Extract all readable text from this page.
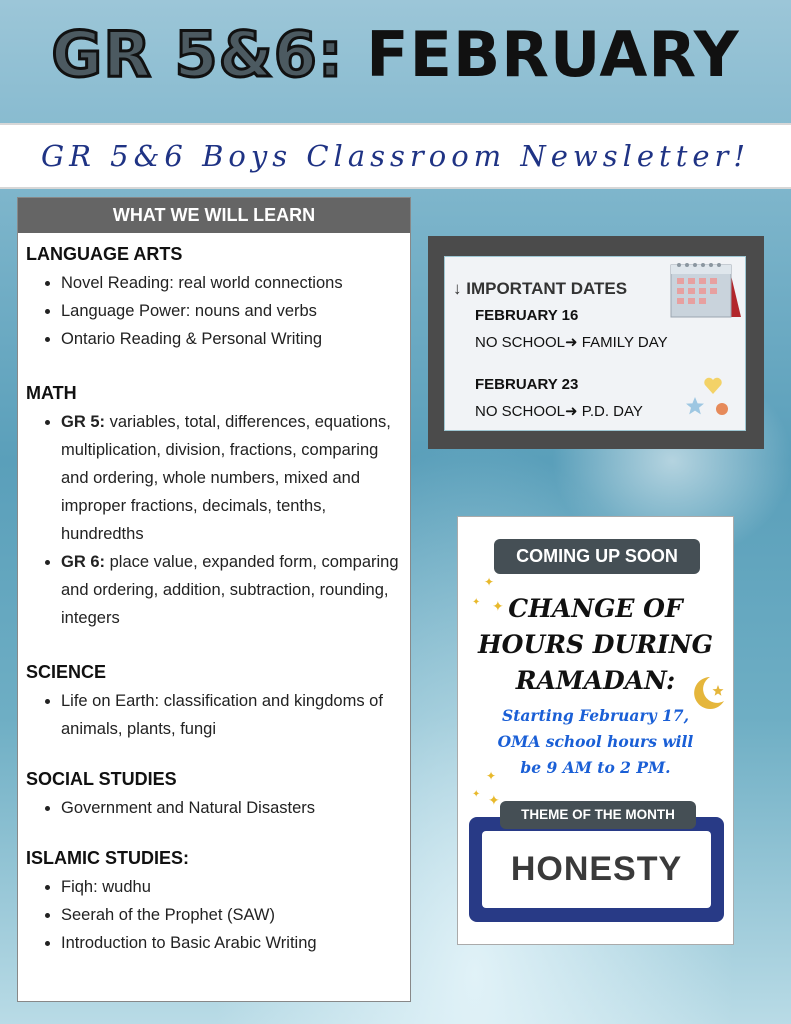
GR 5&6: FEBRUARY
GR 5&6 Boys Classroom Newsletter!
WHAT WE WILL LEARN
LANGUAGE ARTS
• Novel Reading: real world connections
• Language Power: nouns and verbs
• Ontario Reading & Personal Writing
MATH
• GR 5: variables, total, differences, equations, multiplication, division, fractions, comparing and ordering, whole numbers, mixed and improper fractions, decimals, tenths, hundredths
• GR 6: place value, expanded form, comparing and ordering, addition, subtraction, rounding, integers
SCIENCE
• Life on Earth: classification and kingdoms of animals, plants, fungi
SOCIAL STUDIES
• Government and Natural Disasters
ISLAMIC STUDIES:
• Fiqh: wudhu
• Seerah of the Prophet (SAW)
• Introduction to Basic Arabic Writing
↓ IMPORTANT DATES
FEBRUARY 16
NO SCHOOL➜ FAMILY DAY
FEBRUARY 23
NO SCHOOL➜ P.D. DAY
COMING UP SOON
✦
✦ ✦ CHANGE OF
HOURS DURING
RAMADAN:
Starting February 17,
OMA school hours will
be 9 AM to 2 PM.
✦
✦ ✦
HONESTY
THEME OF THE MONTH
